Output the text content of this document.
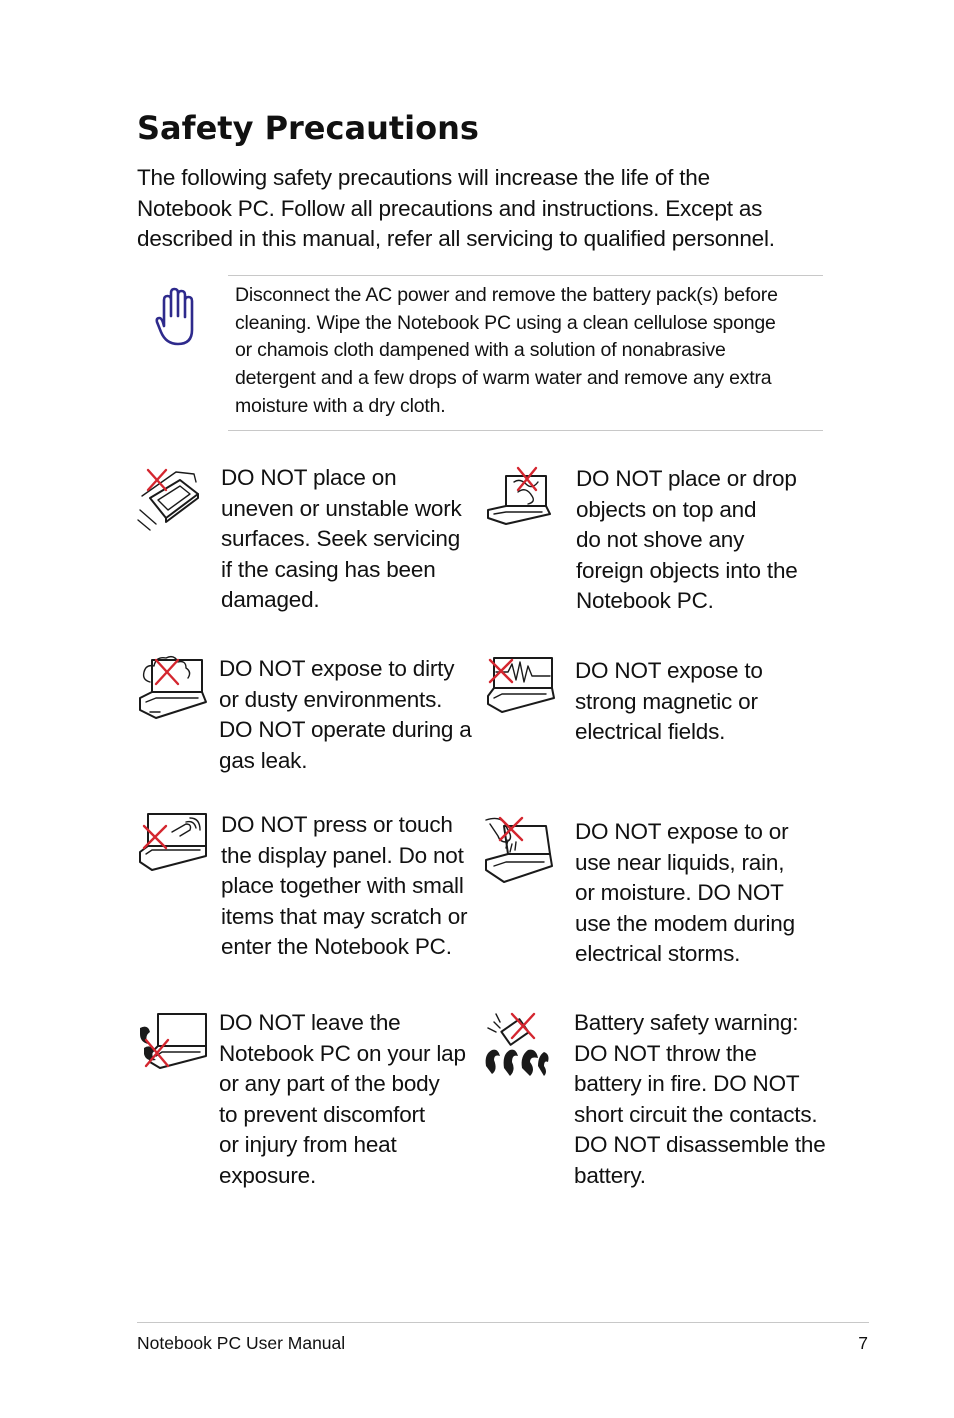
Safety Precautions
The following safety precautions will increase the life of the
Notebook PC. Follow all precautions and instructions. Except as
described in this manual, refer all servicing to qualified personnel.
Disconnect the AC power and remove the battery pack(s) before
cleaning. Wipe the Notebook PC using a clean cellulose sponge
or chamois cloth dampened with a solution of nonabrasive
detergent and a few drops of warm water and remove any extra
moisture with a dry cloth.
DO NOT place on
uneven or unstable work
surfaces. Seek servicing
if the casing has been
damaged.
DO NOT place or drop
objects on top and
do not shove any
foreign objects into the
Notebook PC.
DO NOT expose to dirty
or dusty environments.
DO NOT operate during a
gas leak.
DO NOT expose to
strong magnetic or
electrical fields.
DO NOT press or touch
the display panel. Do not
place together with small
items that may scratch or
enter the Notebook PC.
DO NOT expose to or
use near liquids, rain,
or moisture. DO NOT
use the modem during
electrical storms.
DO NOT leave the
Notebook PC on your lap
or any part of the body
to prevent discomfort
or injury from heat
exposure.
Battery safety warning:
DO NOT throw the
battery in fire. DO NOT
short circuit the contacts.
DO NOT disassemble the
battery.
Notebook PC User Manual	7
